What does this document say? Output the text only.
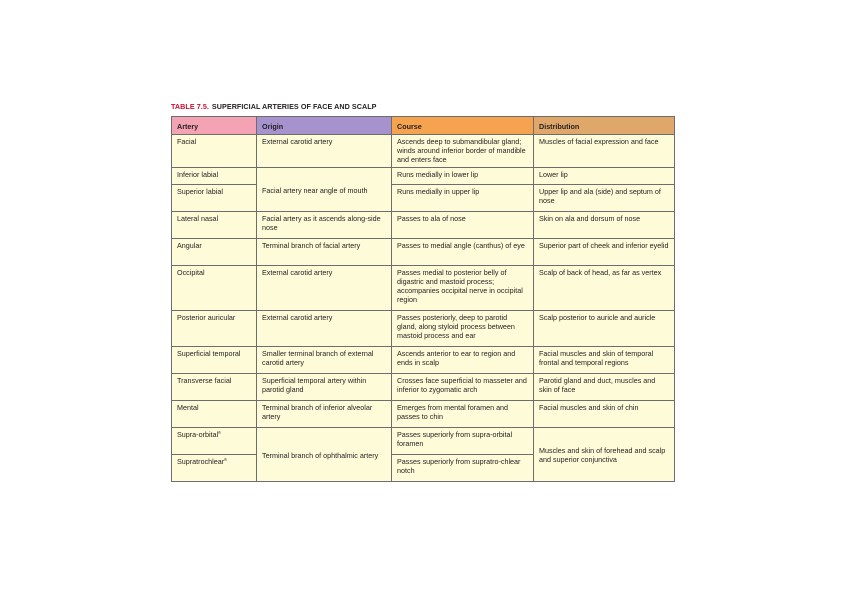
TABLE 7.5. SUPERFICIAL ARTERIES OF FACE AND SCALP
Artery	Origin	Course	Distribution
Facial	External carotid artery	Ascends deep to submandibular gland; winds around inferior border of mandible and enters face	Muscles of facial expression and face
Inferior labial	Facial artery near angle of mouth	Runs medially in lower lip	Lower lip
Superior labial		Runs medially in upper lip	Upper lip and ala (side) and septum of nose
Lateral nasal	Facial artery as it ascends along-side nose	Passes to ala of nose	Skin on ala and dorsum of nose
Angular	Terminal branch of facial artery	Passes to medial angle (canthus) of eye	Superior part of cheek and inferior eyelid
Occipital	External carotid artery	Passes medial to posterior belly of digastric and mastoid process; accompanies occipital nerve in occipital region	Scalp of back of head, as far as vertex
Posterior auricular	External carotid artery	Passes posteriorly, deep to parotid gland, along styloid process between mastoid process and ear	Scalp posterior to auricle and auricle
Superficial temporal	Smaller terminal branch of external carotid artery	Ascends anterior to ear to region and ends in scalp	Facial muscles and skin of temporal frontal and temporal regions
Transverse facial	Superficial temporal artery within parotid gland	Crosses face superficial to masseter and inferior to zygomatic arch	Parotid gland and duct, muscles and skin of face
Mental	Terminal branch of inferior alveolar artery	Emerges from mental foramen and passes to chin	Facial muscles and skin of chin
Supra-orbital$^a$	Terminal branch of ophthalmic artery	Passes superiorly from supra-orbital foramen	Muscles and skin of forehead and scalp and superior conjunctiva
Supratrochlear$^a$		Passes superiorly from supratro-chlear notch	
